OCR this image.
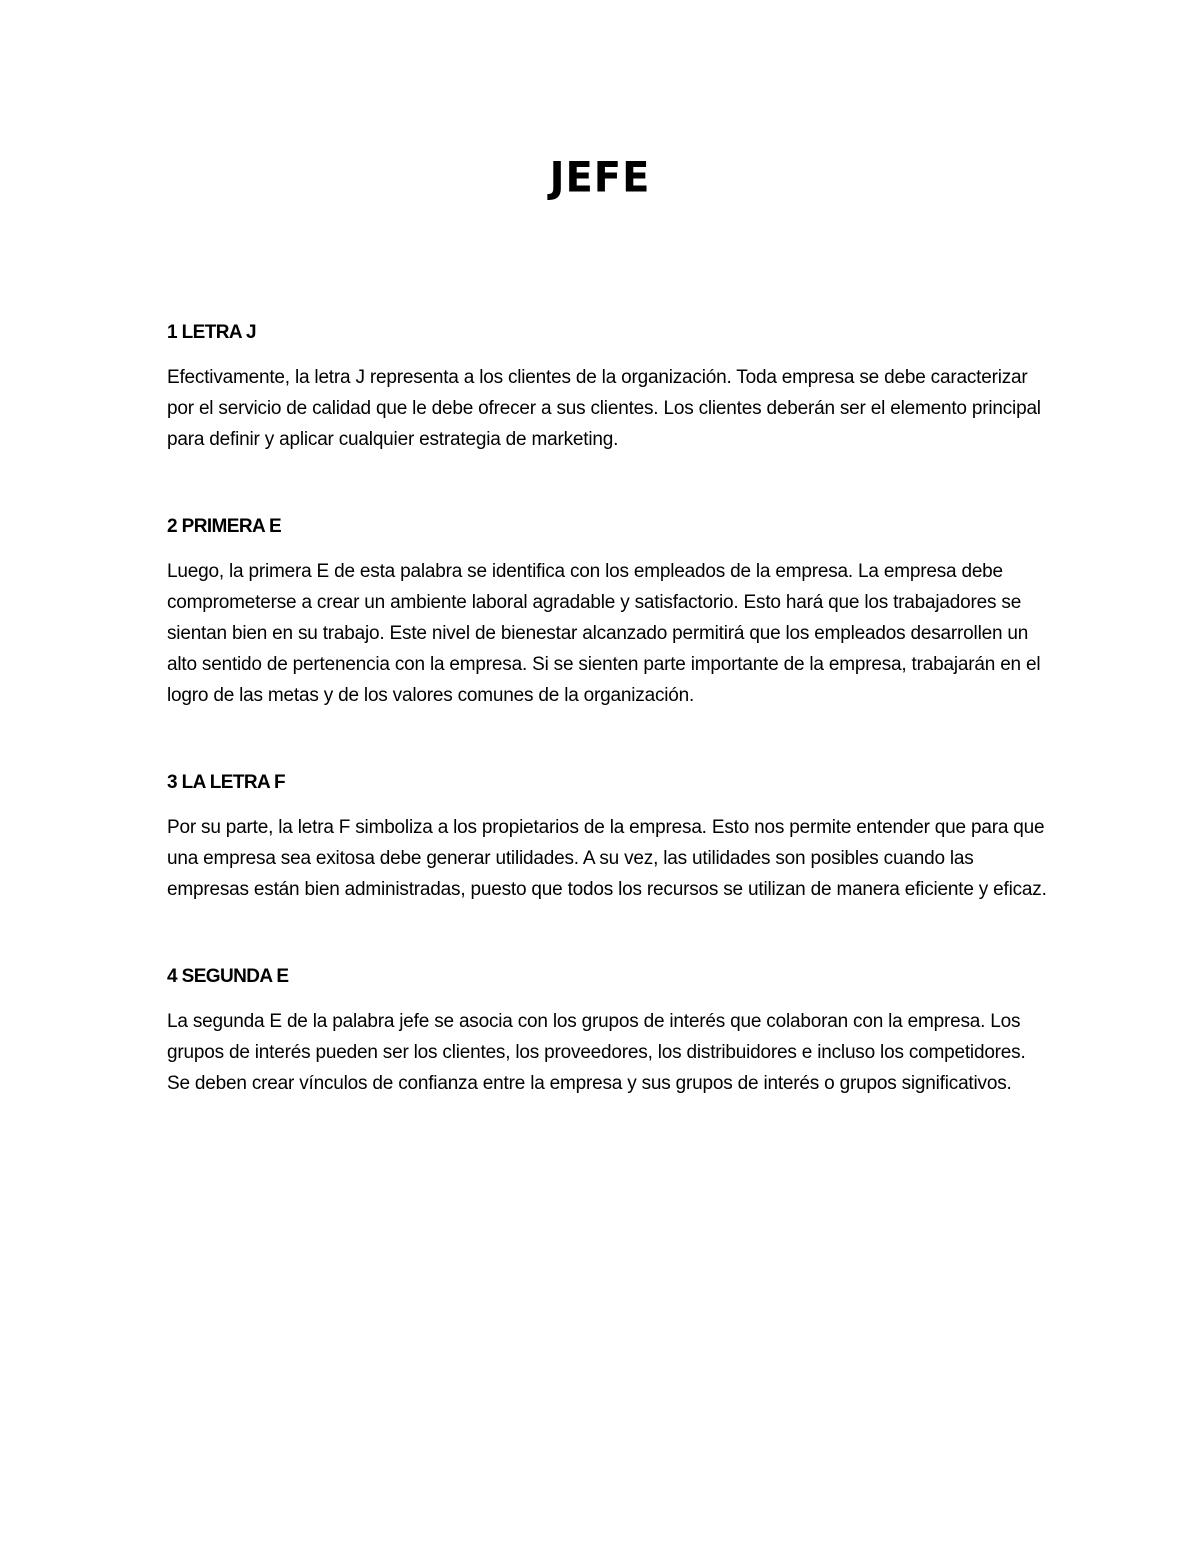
JEFE
1 LETRA J

Efectivamente, la letra J representa a los clientes de la organización. Toda empresa se debe caracterizar por el servicio de calidad que le debe ofrecer a sus clientes. Los clientes deberán ser el elemento principal para definir y aplicar cualquier estrategia de marketing.

2 PRIMERA E

Luego, la primera E de esta palabra se identifica con los empleados de la empresa. La empresa debe comprometerse a crear un ambiente laboral agradable y satisfactorio. Esto hará que los trabajadores se sientan bien en su trabajo. Este nivel de bienestar alcanzado permitirá que los empleados desarrollen un alto sentido de pertenencia con la empresa. Si se sienten parte importante de la empresa, trabajarán en el logro de las metas y de los valores comunes de la organización.

3 LA LETRA F

Por su parte, la letra F simboliza a los propietarios de la empresa. Esto nos permite entender que para que una empresa sea exitosa debe generar utilidades. A su vez, las utilidades son posibles cuando las empresas están bien administradas, puesto que todos los recursos se utilizan de manera eficiente y eficaz.

4 SEGUNDA E

La segunda E de la palabra jefe se asocia con los grupos de interés que colaboran con la empresa. Los grupos de interés pueden ser los clientes, los proveedores, los distribuidores e incluso los competidores. Se deben crear vínculos de confianza entre la empresa y sus grupos de interés o grupos significativos.
